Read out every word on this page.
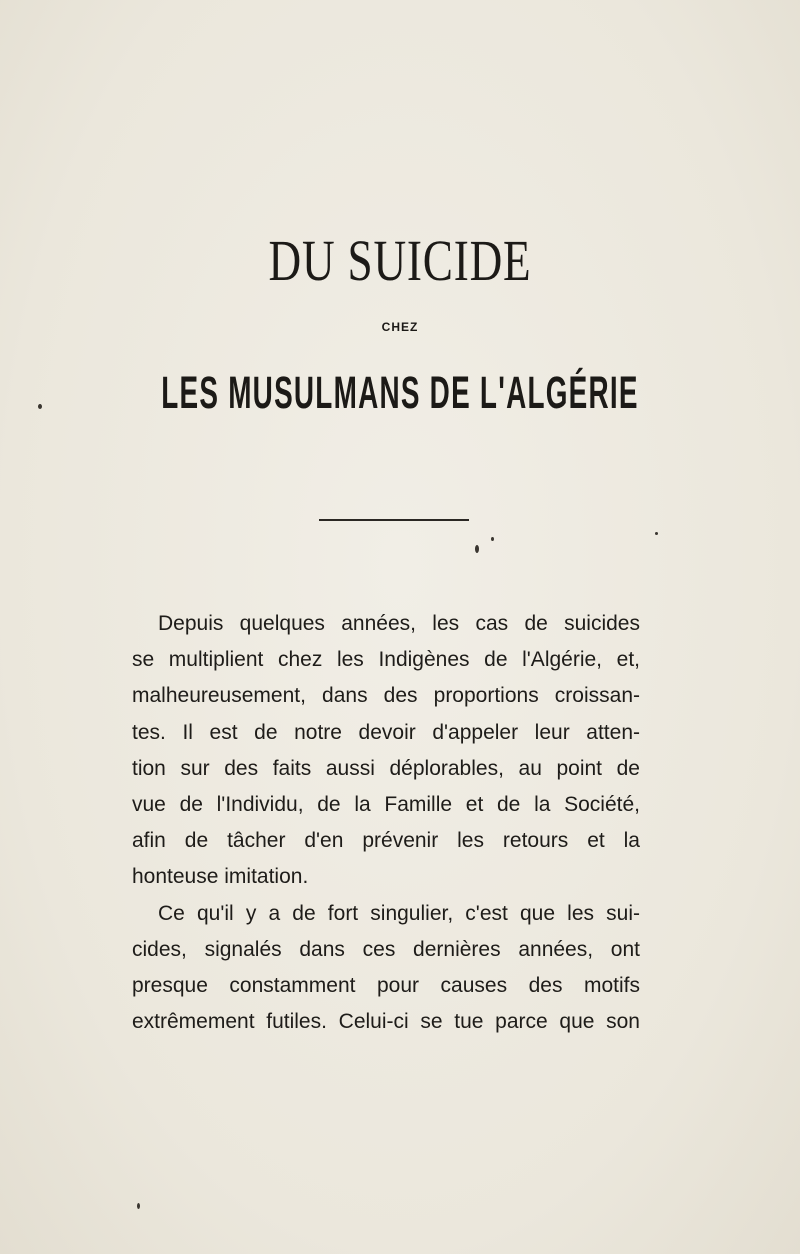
DU SUICIDE
CHEZ
LES MUSULMANS DE L'ALGÉRIE

Depuis quelques années, les cas de suicides
se multiplient chez les Indigènes de l'Algérie, et,
malheureusement, dans des proportions croissan-
tes. Il est de notre devoir d'appeler leur atten-
tion sur des faits aussi déplorables, au point de
vue de l'Individu, de la Famille et de la Société,
afin de tâcher d'en prévenir les retours et la
honteuse imitation.

Ce qu'il y a de fort singulier, c'est que les sui-
cides, signalés dans ces dernières années, ont
presque constamment pour causes des motifs
extrêmement futiles. Celui-ci se tue parce que son
